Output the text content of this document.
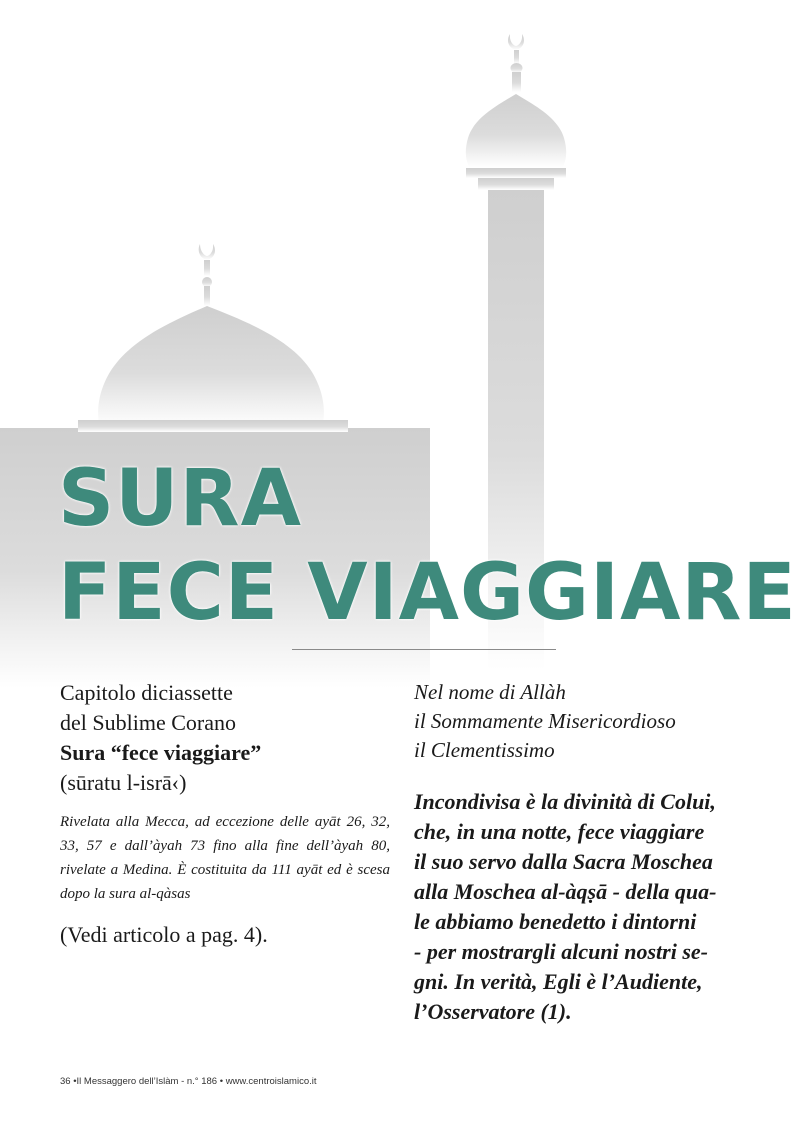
SURA
FECE VIAGGIARE

Capitolo diciassette
del Sublime Corano
Sura “fece viaggiare”
(sūratu l-isrā‹)

Rivelata alla Mecca, ad eccezione delle ayāt 26, 32, 33, 57 e dall’àyah 73 fino alla fine dell’àyah 80, rivelate a Medina. È costituita da 111 ayāt ed è scesa dopo la sura al-qàsas

(Vedi articolo a pag. 4).

Nel nome di Allàh
il Sommamente Misericordioso
il Clementissimo

Incondivisa è la divinità di Colui,
che, in una notte, fece viaggiare
il suo servo dalla Sacra Moschea
alla Moschea al-àqṣā - della qua-
le abbiamo benedetto i dintorni
- per mostrargli alcuni nostri se-
gni. In verità, Egli è l’Audiente,
l’Osservatore (1).

36 •Il Messaggero dell’Islàm - n.° 186 • www.centroislamico.it
